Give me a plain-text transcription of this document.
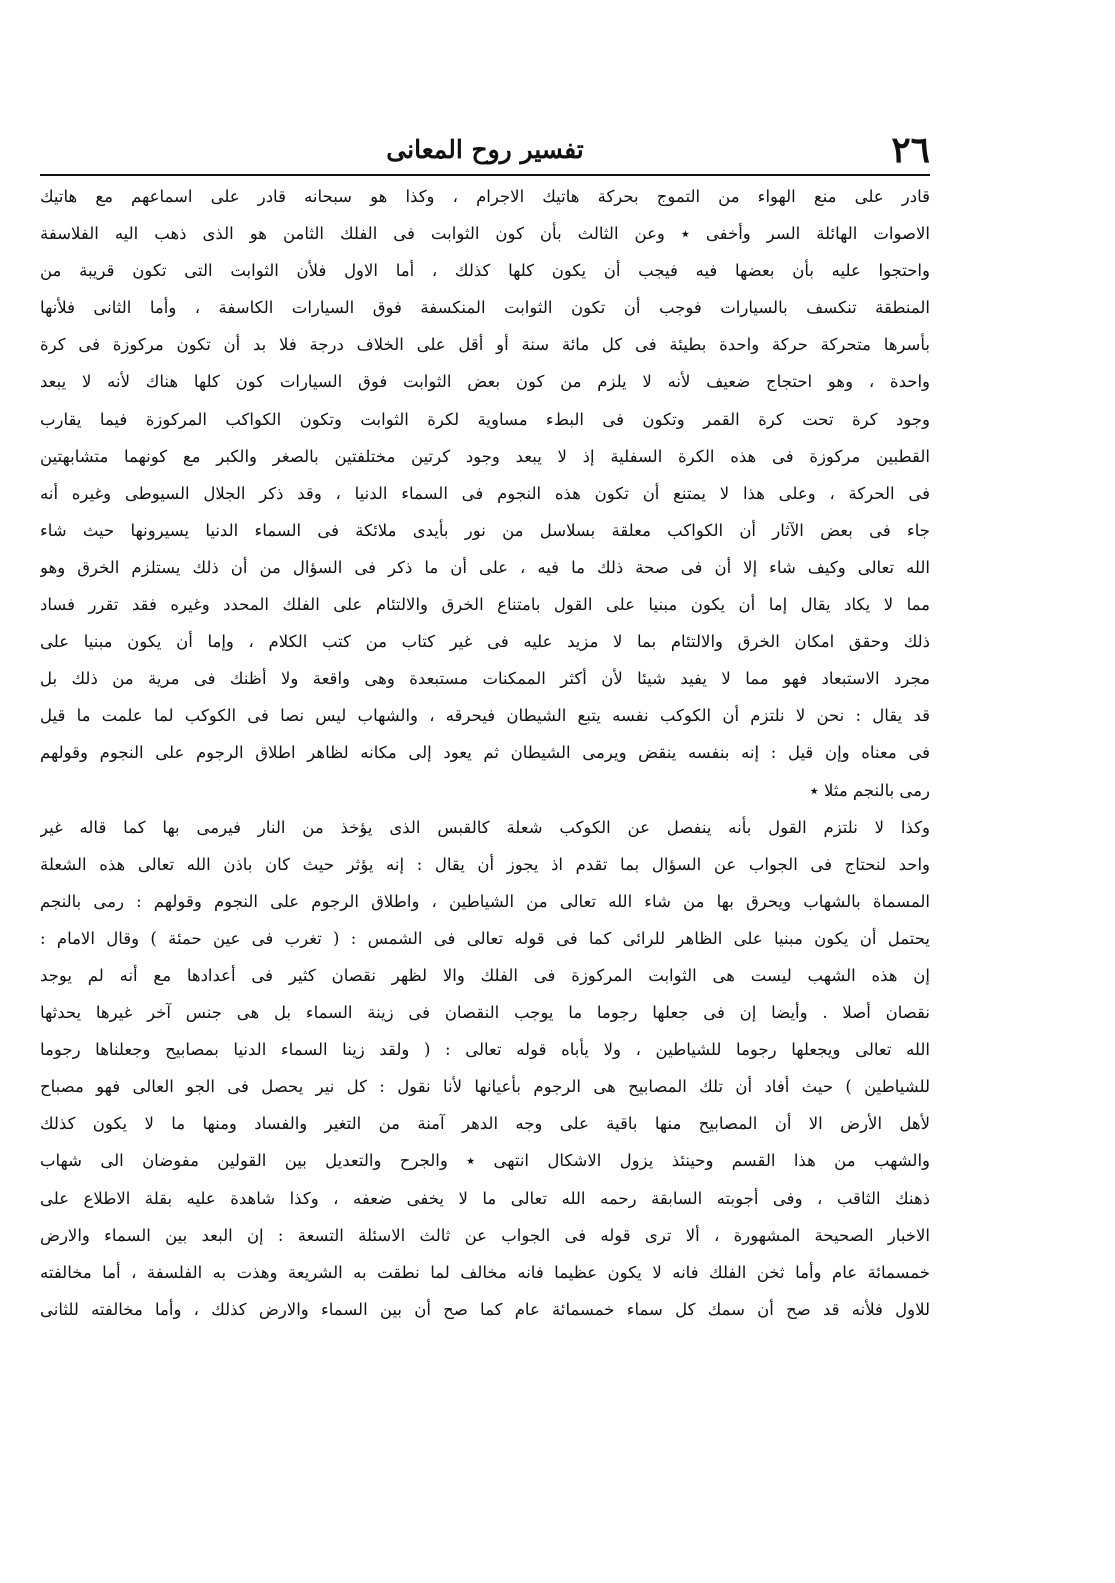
٢٦
تفسير روح المعانى
قادر على منع الهواء من التموج بحركة هاتيك الاجرام ، وكذا هو سبحانه قادر على اسماعهم مع هاتيك
الاصوات الهائلة السر وأخفى ٭ وعن الثالث بأن كون الثوابت فى الفلك الثامن هو الذى ذهب اليه الفلاسفة
واحتجوا عليه بأن بعضها فيه فيجب أن يكون كلها كذلك ، أما الاول فلأن الثوابت التى تكون قريبة من
المنطقة تنكسف بالسيارات فوجب أن تكون الثوابت المنكسفة فوق السيارات الكاسفة ، وأما الثانى فلأنها
بأسرها متحركة حركة واحدة بطيئة فى كل مائة سنة أو أقل على الخلاف درجة فلا بد أن تكون مركوزة فى كرة
واحدة ، وهو احتجاج ضعيف لأنه لا يلزم من كون بعض الثوابت فوق السيارات كون كلها هناك لأنه لا يبعد
وجود كرة تحت كرة القمر وتكون فى البطء مساوية لكرة الثوابت وتكون الكواكب المركوزة فيما يقارب
القطبين مركوزة فى هذه الكرة السفلية إذ لا يبعد وجود كرتين مختلفتين بالصغر والكبر مع كونهما متشابهتين
فى الحركة ، وعلى هذا لا يمتنع أن تكون هذه النجوم فى السماء الدنيا ، وقد ذكر الجلال السيوطى وغيره أنه
جاء فى بعض الآثار أن الكواكب معلقة بسلاسل من نور بأيدى ملائكة فى السماء الدنيا يسيرونها حيث شاء
الله تعالى وكيف شاء إلا أن فى صحة ذلك ما فيه ، على أن ما ذكر فى السؤال من أن ذلك يستلزم الخرق وهو
مما لا يكاد يقال إما أن يكون مبنيا على القول بامتناع الخرق والالتئام على الفلك المحدد وغيره فقد تقرر فساد
ذلك وحقق امكان الخرق والالتئام بما لا مزيد عليه فى غير كتاب من كتب الكلام ، وإما أن يكون مبنيا على
مجرد الاستبعاد فهو مما لا يفيد شيئا لأن أكثر الممكنات مستبعدة وهى واقعة ولا أظنك فى مرية من ذلك بل
قد يقال : نحن لا نلتزم أن الكوكب نفسه يتبع الشيطان فيحرقه ، والشهاب ليس نصا فى الكوكب لما علمت ما قيل
فى معناه وإن قيل : إنه بنفسه ينقض ويرمى الشيطان ثم يعود إلى مكانه لظاهر اطلاق الرجوم على النجوم وقولهم
رمى بالنجم مثلا ٭
وكذا لا نلتزم القول بأنه ينفصل عن الكوكب شعلة كالقبس الذى يؤخذ من النار فيرمى بها كما قاله غير
واحد لنحتاج فى الجواب عن السؤال بما تقدم اذ يجوز أن يقال : إنه يؤثر حيث كان باذن الله تعالى هذه الشعلة
المسماة بالشهاب ويحرق بها من شاء الله تعالى من الشياطين ، واطلاق الرجوم على النجوم وقولهم : رمى بالنجم
يحتمل أن يكون مبنيا على الظاهر للرائى كما فى قوله تعالى فى الشمس : ( تغرب فى عين حمئة ) وقال الامام :
إن هذه الشهب ليست هى الثوابت المركوزة فى الفلك والا لظهر نقصان كثير فى أعدادها مع أنه لم يوجد
نقصان أصلا . وأيضا إن فى جعلها رجوما ما يوجب النقصان فى زينة السماء بل هى جنس آخر غيرها يحدثها
الله تعالى ويجعلها رجوما للشياطين ، ولا يأباه قوله تعالى : ( ولقد زينا السماء الدنيا بمصابيح وجعلناها رجوما
للشياطين ) حيث أفاد أن تلك المصابيح هى الرجوم بأعيانها لأنا نقول : كل نير يحصل فى الجو العالى فهو مصباح
لأهل الأرض الا أن المصابيح منها باقية على وجه الدهر آمنة من التغير والفساد ومنها ما لا يكون كذلك
والشهب من هذا القسم وحينئذ يزول الاشكال انتهى ٭ والجرح والتعديل بين القولين مفوضان الى شهاب
ذهنك الثاقب ، وفى أجوبته السابقة رحمه الله تعالى ما لا يخفى ضعفه ، وكذا شاهدة عليه بقلة الاطلاع على
الاخبار الصحيحة المشهورة ، ألا ترى قوله فى الجواب عن ثالث الاسئلة التسعة : إن البعد بين السماء والارض
خمسمائة عام وأما ثخن الفلك فانه لا يكون عظيما فانه مخالف لما نطقت به الشريعة وهذت به الفلسفة ، أما مخالفته
للاول فلأنه قد صح أن سمك كل سماء خمسمائة عام كما صح أن بين السماء والارض كذلك ، وأما مخالفته للثانى
